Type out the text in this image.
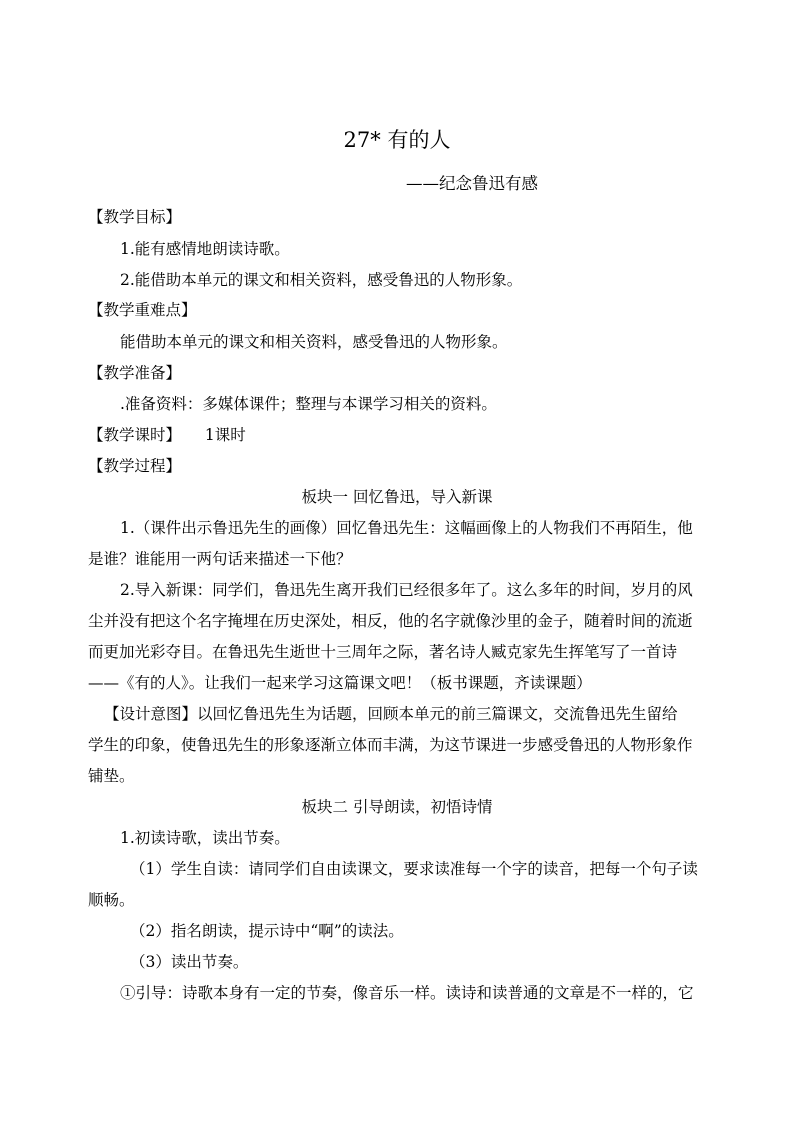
27* 有的人
——纪念鲁迅有感
【教学目标】
1.能有感情地朗读诗歌。
2.能借助本单元的课文和相关资料，感受鲁迅的人物形象。
【教学重难点】
能借助本单元的课文和相关资料，感受鲁迅的人物形象。
【教学准备】
.准备资料：多媒体课件；整理与本课学习相关的资料。
【教学课时】 1课时
【教学过程】
板块一 回忆鲁迅，导入新课
1.（课件出示鲁迅先生的画像）回忆鲁迅先生：这幅画像上的人物我们不再陌生，他
是谁？谁能用一两句话来描述一下他？
2.导入新课：同学们，鲁迅先生离开我们已经很多年了。这么多年的时间，岁月的风
尘并没有把这个名字掩埋在历史深处，相反，他的名字就像沙里的金子，随着时间的流逝
而更加光彩夺目。在鲁迅先生逝世十三周年之际，著名诗人臧克家先生挥笔写了一首诗
——《有的人》。让我们一起来学习这篇课文吧！（板书课题，齐读课题）
【设计意图】以回忆鲁迅先生为话题，回顾本单元的前三篇课文，交流鲁迅先生留给
学生的印象，使鲁迅先生的形象逐渐立体而丰满，为这节课进一步感受鲁迅的人物形象作
铺垫。
板块二 引导朗读，初悟诗情
1.初读诗歌，读出节奏。
（1）学生自读：请同学们自由读课文，要求读准每一个字的读音，把每一个句子读
顺畅。
（2）指名朗读，提示诗中“啊”的读法。
（3）读出节奏。
①引导：诗歌本身有一定的节奏，像音乐一样。读诗和读普通的文章是不一样的，它
